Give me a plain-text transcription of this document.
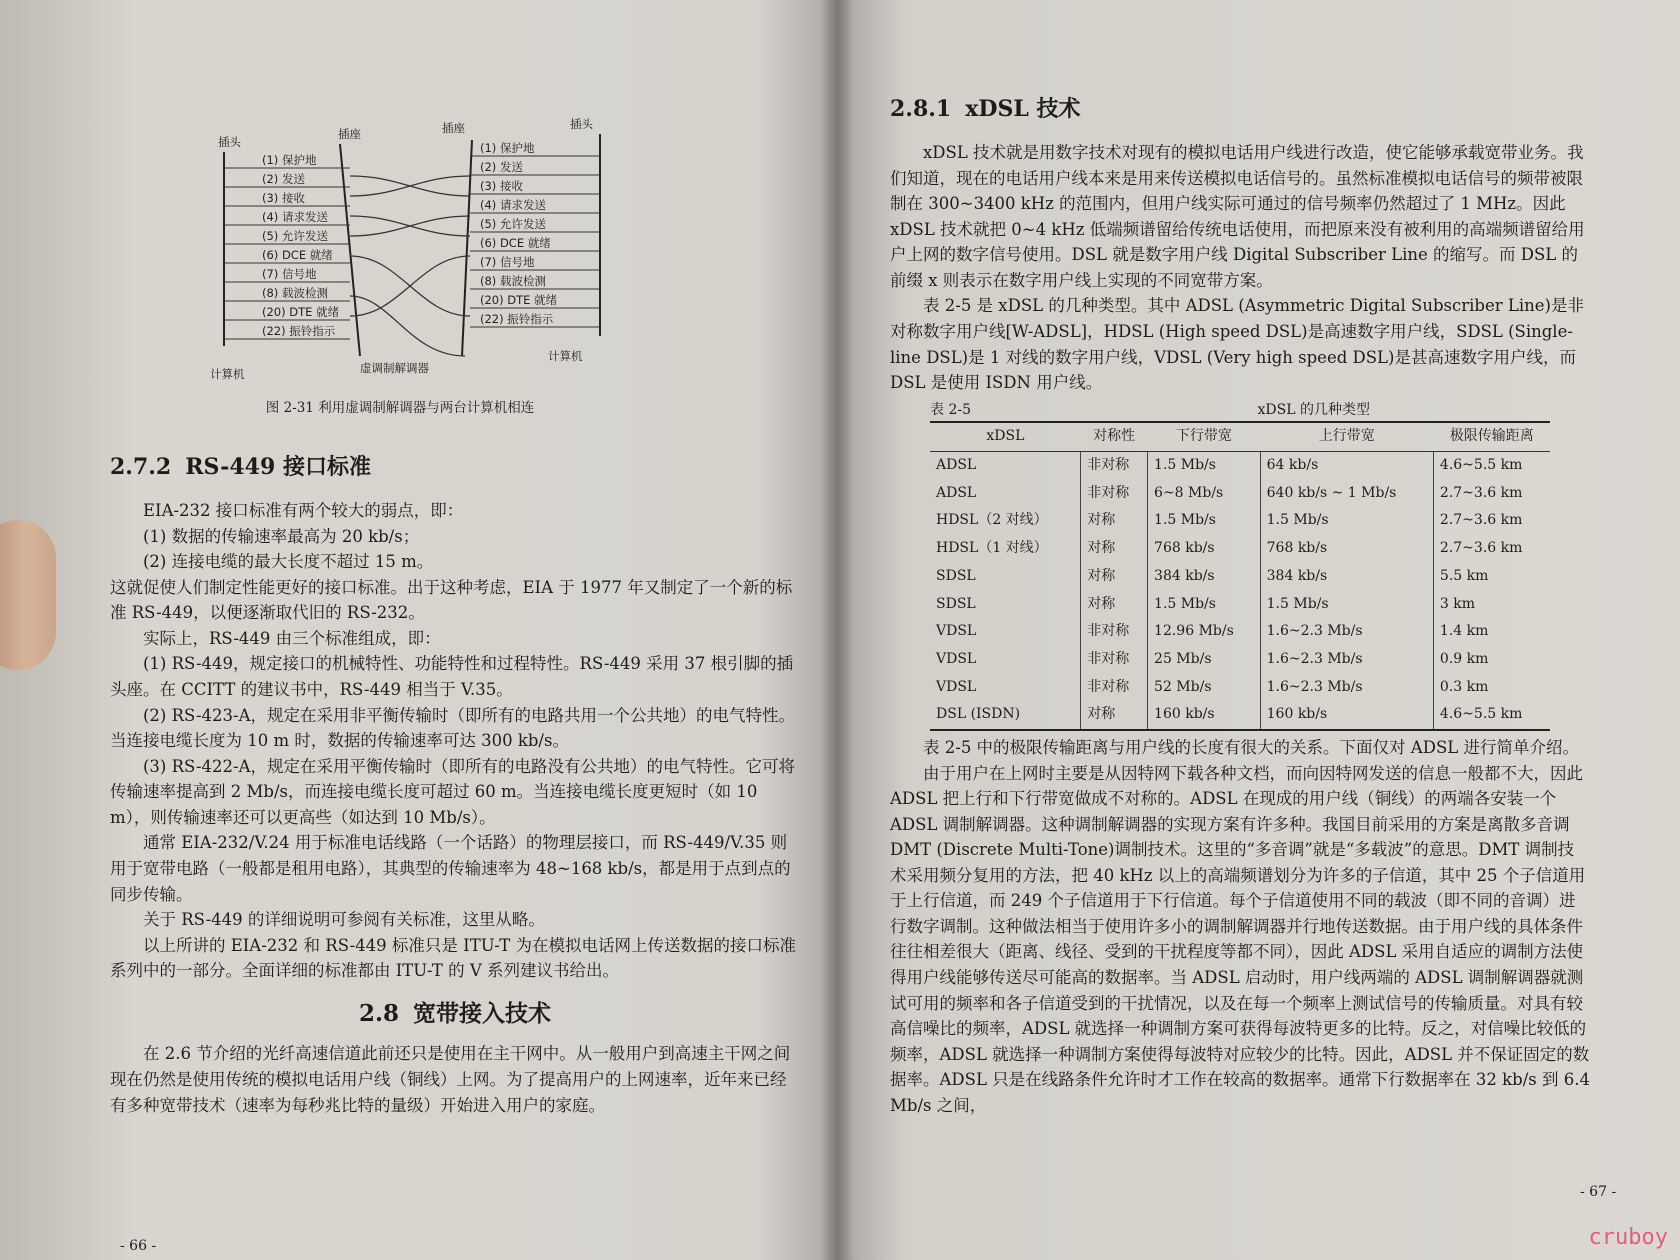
插头
插座	插座	插头
(1) 保护地
(2) 发送
(3) 接收
(4) 请求发送
(5) 允许发送
(6) DCE 就绪
(7) 信号地
(8) 载波检测
(20) DTE 就绪
(22) 振铃指示
(1) 保护地
(2) 发送
(3) 接收
(4) 请求发送
(5) 允许发送
(6) DCE 就绪
(7) 信号地
(8) 载波检测
(20) DTE 就绪
(22) 振铃指示
计算机	虚调制解调器
计算机
图 2-31 利用虚调制解调器与两台计算机相连
2.7.2 RS-449 接口标准

EIA-232 接口标准有两个较大的弱点，即：

(1) 数据的传输速率最高为 20 kb/s；

(2) 连接电缆的最大长度不超过 15 m。

这就促使人们制定性能更好的接口标准。出于这种考虑，EIA 于 1977 年又制定了一个新的标准 RS-449，以便逐渐取代旧的 RS-232。

实际上，RS-449 由三个标准组成，即：

(1) RS-449，规定接口的机械特性、功能特性和过程特性。RS-449 采用 37 根引脚的插头座。在 CCITT 的建议书中，RS-449 相当于 V.35。

(2) RS-423-A，规定在采用非平衡传输时（即所有的电路共用一个公共地）的电气特性。当连接电缆长度为 10 m 时，数据的传输速率可达 300 kb/s。

(3) RS-422-A，规定在采用平衡传输时（即所有的电路没有公共地）的电气特性。它可将传输速率提高到 2 Mb/s，而连接电缆长度可超过 60 m。当连接电缆长度更短时（如 10 m），则传输速率还可以更高些（如达到 10 Mb/s）。

通常 EIA-232/V.24 用于标准电话线路（一个话路）的物理层接口，而 RS-449/V.35 则用于宽带电路（一般都是租用电路），其典型的传输速率为 48~168 kb/s，都是用于点到点的同步传输。

关于 RS-449 的详细说明可参阅有关标准，这里从略。

以上所讲的 EIA-232 和 RS-449 标准只是 ITU-T 为在模拟电话网上传送数据的接口标准系列中的一部分。全面详细的标准都由 ITU-T 的 V 系列建议书给出。

2.8 宽带接入技术

在 2.6 节介绍的光纤高速信道此前还只是使用在主干网中。从一般用户到高速主干网之间现在仍然是使用传统的模拟电话用户线（铜线）上网。为了提高用户的上网速率，近年来已经有多种宽带技术（速率为每秒兆比特的量级）开始进入用户的家庭。

- 66 -
2.8.1 xDSL 技术

xDSL 技术就是用数字技术对现有的模拟电话用户线进行改造，使它能够承载宽带业务。我们知道，现在的电话用户线本来是用来传送模拟电话信号的。虽然标准模拟电话信号的频带被限制在 300~3400 kHz 的范围内，但用户线实际可通过的信号频率仍然超过了 1 MHz。因此 xDSL 技术就把 0~4 kHz 低端频谱留给传统电话使用，而把原来没有被利用的高端频谱留给用户上网的数字信号使用。DSL 就是数字用户线 Digital Subscriber Line 的缩写。而 DSL 的前缀 x 则表示在数字用户线上实现的不同宽带方案。

表 2-5 是 xDSL 的几种类型。其中 ADSL (Asymmetric Digital Subscriber Line)是非对称数字用户线[W-ADSL]，HDSL (High speed DSL)是高速数字用户线，SDSL (Single-line DSL)是 1 对线的数字用户线，VDSL (Very high speed DSL)是甚高速数字用户线，而 DSL 是使用 ISDN 用户线。

表 2-5	xDSL 的几种类型
xDSL	对称性	下行带宽	上行带宽	极限传输距离
ADSL	非对称	1.5 Mb/s	64 kb/s	4.6~5.5 km
ADSL	非对称	6~8 Mb/s	640 kb/s ~ 1 Mb/s	2.7~3.6 km
HDSL（2 对线）	对称	1.5 Mb/s	1.5 Mb/s	2.7~3.6 km
HDSL（1 对线）	对称	768 kb/s	768 kb/s	2.7~3.6 km
SDSL	对称	384 kb/s	384 kb/s	5.5 km
SDSL	对称	1.5 Mb/s	1.5 Mb/s	3 km
VDSL	非对称	12.96 Mb/s	1.6~2.3 Mb/s	1.4 km
VDSL	非对称	25 Mb/s	1.6~2.3 Mb/s	0.9 km
VDSL	非对称	52 Mb/s	1.6~2.3 Mb/s	0.3 km
DSL (ISDN)	对称	160 kb/s	160 kb/s	4.6~5.5 km

表 2-5 中的极限传输距离与用户线的长度有很大的关系。下面仅对 ADSL 进行简单介绍。

由于用户在上网时主要是从因特网下载各种文档，而向因特网发送的信息一般都不大，因此 ADSL 把上行和下行带宽做成不对称的。ADSL 在现成的用户线（铜线）的两端各安装一个 ADSL 调制解调器。这种调制解调器的实现方案有许多种。我国目前采用的方案是离散多音调 DMT (Discrete Multi-Tone)调制技术。这里的“多音调”就是“多载波”的意思。DMT 调制技术采用频分复用的方法，把 40 kHz 以上的高端频谱划分为许多的子信道，其中 25 个子信道用于上行信道，而 249 个子信道用于下行信道。每个子信道使用不同的载波（即不同的音调）进行数字调制。这种做法相当于使用许多小的调制解调器并行地传送数据。由于用户线的具体条件往往相差很大（距离、线径、受到的干扰程度等都不同），因此 ADSL 采用自适应的调制方法使得用户线能够传送尽可能高的数据率。当 ADSL 启动时，用户线两端的 ADSL 调制解调器就测试可用的频率和各子信道受到的干扰情况，以及在每一个频率上测试信号的传输质量。对具有较高信噪比的频率，ADSL 就选择一种调制方案可获得每波特更多的比特。反之，对信噪比较低的频率，ADSL 就选择一种调制方案使得每波特对应较少的比特。因此，ADSL 并不保证固定的数据率。ADSL 只是在线路条件允许时才工作在较高的数据率。通常下行数据率在 32 kb/s 到 6.4 Mb/s 之间，

- 67 -
cruboy
